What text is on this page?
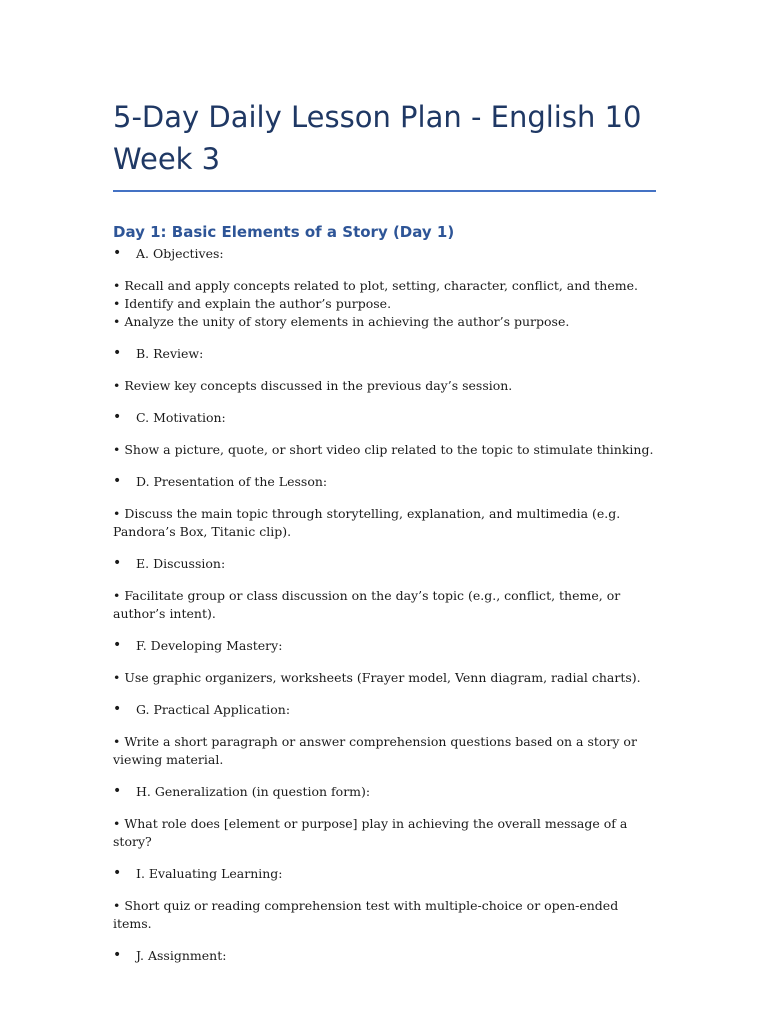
5-Day Daily Lesson Plan - English 10
Week 3
Day 1: Basic Elements of a Story (Day 1)
• A. Objectives:

• Recall and apply concepts related to plot, setting, character, conflict, and theme.

• Identify and explain the author’s purpose.

• Analyze the unity of story elements in achieving the author’s purpose.

• B. Review:

• Review key concepts discussed in the previous day’s session.

• C. Motivation:

• Show a picture, quote, or short video clip related to the topic to stimulate thinking.

• D. Presentation of the Lesson:

• Discuss the main topic through storytelling, explanation, and multimedia (e.g. Pandora’s Box, Titanic clip).

• E. Discussion:

• Facilitate group or class discussion on the day’s topic (e.g., conflict, theme, or author’s intent).

• F. Developing Mastery:

• Use graphic organizers, worksheets (Frayer model, Venn diagram, radial charts).

• G. Practical Application:

• Write a short paragraph or answer comprehension questions based on a story or viewing material.

• H. Generalization (in question form):

• What role does [element or purpose] play in achieving the overall message of a story?

• I. Evaluating Learning:

• Short quiz or reading comprehension test with multiple-choice or open-ended items.

• J. Assignment:
